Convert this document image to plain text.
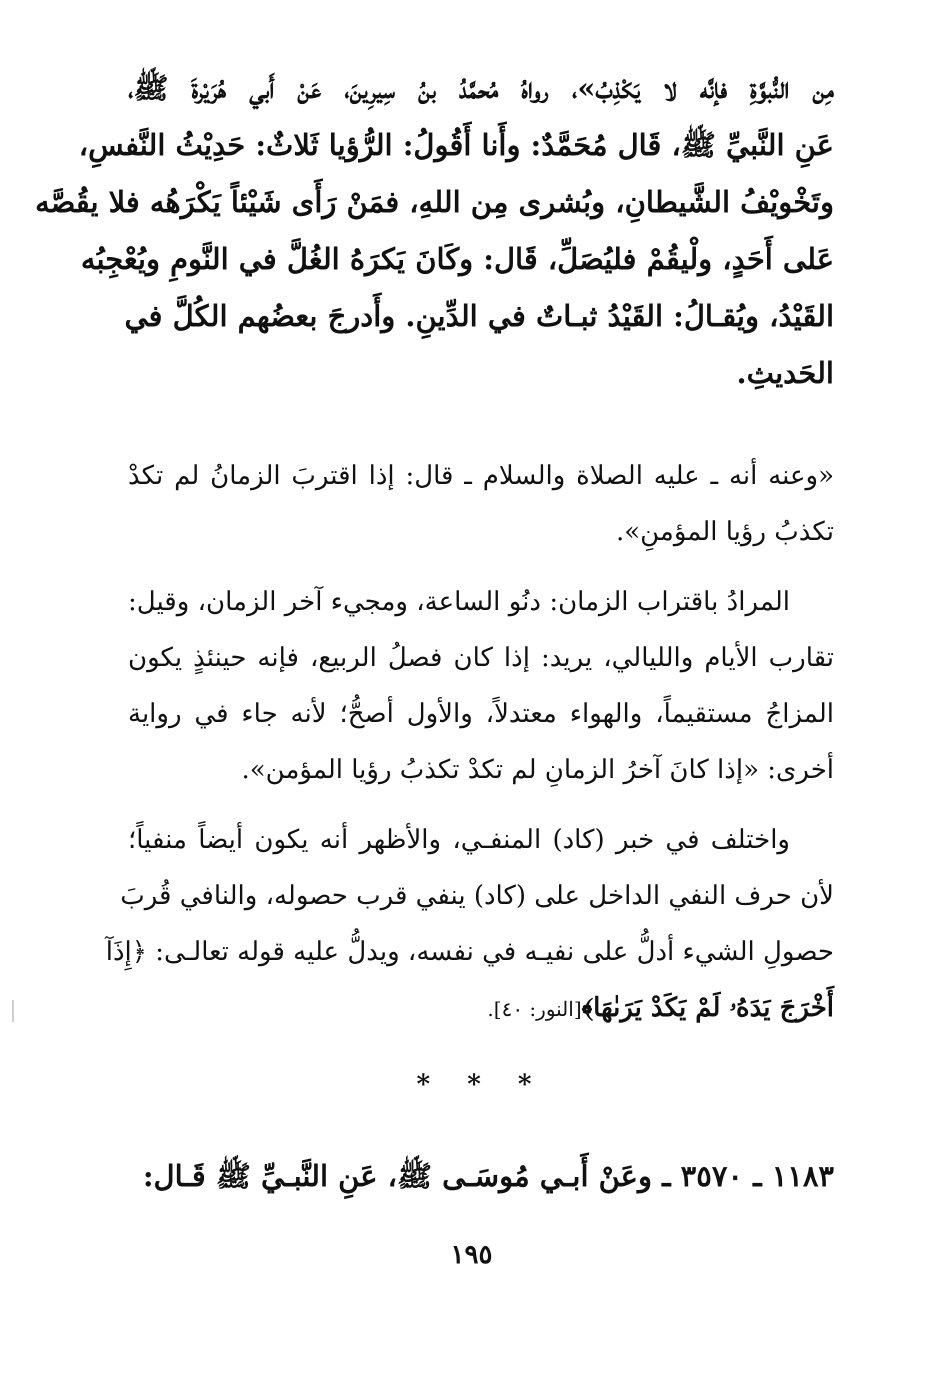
مِن النُّبوَّةِ فإنَّه لا يَكْذِبُ»، رواهُ مُحمَّدُ بنُ سِيرِينَ، عَنْ أَبي هُرَيْرةَ ﷺ،
عَنِ النَّبيِّ ﷺ، قَال مُحَمَّدٌ: وأَنا أَقُولُ: الرُّؤيا ثَلاثٌ: حَدِيْثُ النَّفسِ،
وتَخْويْفُ الشَّيطانِ، وبُشرى مِن اللهِ، فمَنْ رَأَى شَيْئاً يَكْرَهُه فلا يقُصَّه
عَلى أَحَدٍ، ولْيقُمْ فليُصَلِّ، قَال: وكَانَ يَكرَهُ الغُلَّ في النَّومِ ويُعْجِبُه
القَيْدُ، ويُقـالُ: القَيْدُ ثبـاتٌ في الدِّينِ. وأَدرجَ بعضُهم الكُلَّ في
الحَديثِ.
«وعنه أنه ـ عليه الصلاة والسلام ـ قال: إذا اقتربَ الزمانُ لم تكدْ
تكذبُ رؤيا المؤمنِ».
المرادُ باقتراب الزمان: دنُو الساعة، ومجيء آخر الزمان، وقيل:
تقارب الأيام والليالي، يريد: إذا كان فصلُ الربيع، فإنه حينئذٍ يكون
المزاجُ مستقيماً، والهواء معتدلاً، والأول أصحُّ؛ لأنه جاء في رواية
أخرى: «إذا كانَ آخرُ الزمانِ لم تكدْ تكذبُ رؤيا المؤمن».
واختلف في خبر (كاد) المنفـي، والأظهر أنه يكون أيضاً منفياً؛
لأن حرف النفي الداخل على (كاد) ينفي قرب حصوله، والنافي قُربَ
حصولِ الشيء أدلُّ على نفيـه في نفسه، ويدلُّ عليه قوله تعالـى: ﴿إِذَآ
أَخْرَجَ يَدَهُۥ لَمْ يَكَدْ يَرَىٰهَا﴾[النور: ٤٠].
* * *
١١٨٣ ـ ٣٥٧٠ ـ وعَنْ أَبـي مُوسَـى ﷺ، عَنِ النَّبـيِّ ﷺ قَـال:
١٩٥
